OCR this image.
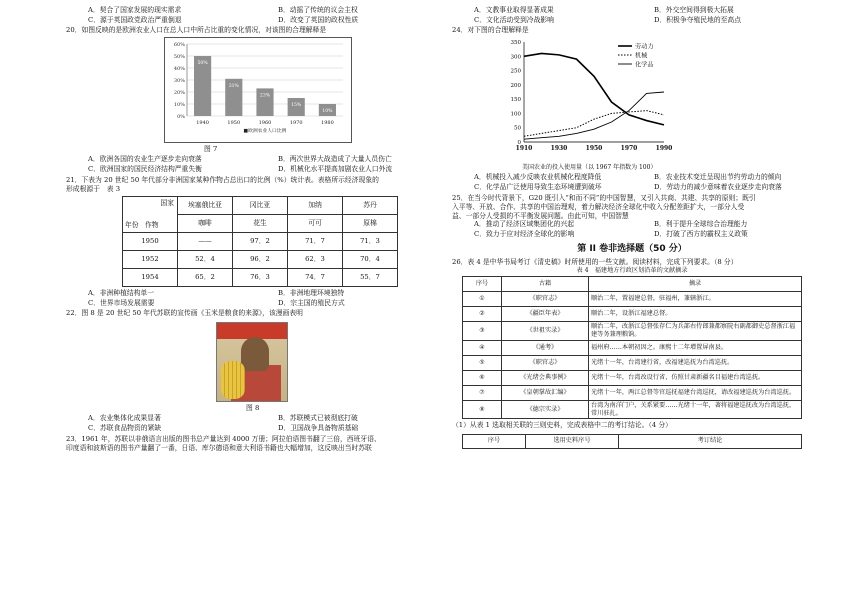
A．契合了国家发展的现实需求	B．动摇了传统的议会主权
C．源于英国政党政治严重倒退	D．改变了英国的政权性质
20．如图反映的是欧洲农业人口在总人口中所占比重的变化情况，对该图的合理解释是
60%
50%
40%
30%
20%
10%
0%
50%
1940
31%
1950
23%
1960
15%
1970
10%
1980
■欧洲农业人口比例
图 7
A．欧洲各国的农业生产逐步走向衰落	B．两次世界大战造成了大量人员伤亡
C．欧洲国家的国民经济结构严重失衡	D．机械化水平提高加剧农业人口外流
21．下表为 20 世纪 50 年代部分非洲国家某种作物占总出口的比例（%）统计表。表格所示经济现象的
形成根源于　表 3
国家
年份 作物	埃塞俄比亚	冈比亚	加纳	苏丹
	咖啡	花生	可可	原棉
1950	——	97．2	71．7	71．3
1952	52．4	96．2	62．3	70．4
1954	65．2	76．3	74．7	55．7
A．非洲种植结构单一	B．非洲地理环境独特
C．世界市场发展需要	D．宗主国的殖民方式
22．图 8 是 20 世纪 50 年代苏联的宣传画《玉米是粮食的来源》，该漫画表明
图 8
A．农业集体化成果显著	B．苏联模式已被彻底打破
C．苏联食品物资的紧缺	D．卫国战争具备物质基础
23．1961 年，苏联以非俄语言出版的图书总产量达到 4000 万册；阿拉伯语图书翻了三倍，西班牙语、
印度语和波斯语的图书产量翻了一番，日语、库尔德语和意大利语书籍也大幅增加，这反映出当时苏联
A．文教事业取得显著成果	B．外交空间得到极大拓展
C．文化活动受到冷战影响	D．积极争夺殖民地的至高点
24．对下图的合理解释是
350
300
250
200
150
100
50
0
1910	1930	1950	1970	1990
劳动力
机械
化学品
美国农业的投入使用量（以 1967 年指数为 100）
A．机械投入减少反映农业机械化程度降低	B．农业技术变迁呈现出节约劳动力的倾向
C．化学品广泛使用导致生态环境遭到破坏	D．劳动力的减少意味着农业逐步走向衰落
25．在当今时代背景下，G20 既引入“和而不同”的中国智慧，又引入共商、共建、共享的原则；既引
入平等、开放、合作、共享的中国治理观，着力解决经济全球化中收入分配差距扩大，一部分人受
益、一部分人受损的不平衡发展问题。由此可知，中国智慧
A．推动了经济区域集团化的兴起	B．利于提升全球综合治理能力
C．致力于应对经济全球化的影响	D．打破了西方的霸权主义政策
第 II 卷非选择题（50 分）
26．表 4 是中华书局考订《清史稿》时所使用的一些文献。阅读材料，完成下列要求。（8 分）
表 4　福建地方行政区划沿革的文献摘录
序号	古籍	摘录
①	《职官志》	顺治二年，置福建总督，驻福州，兼辖浙江。
②	《疆臣年表》	顺治二年，设浙江福建总督。
③	《世祖实录》	顺治二年，改浙江总督张存仁为兵部右侍郎兼都察院右副都御史总督浙江福建等务兼理粮饷。
④	《通考》	福州府……本朝初因之。康熙十二年增置屏南县。
⑤	《职官志》	光绪十一年，台湾建行省，改福建巡抚为台湾巡抚。
⑥	《光绪会典事例》	光绪十一年，台湾改设行省，仿照甘肃新疆名目福建台湾巡抚。
⑦	《皇朝掌故汇编》	光绪十一年，两江总督等官巡抚福建台湾巡抚，请改福建巡抚为台湾巡抚。
⑧	《德宗实录》	台湾为南洋门户，关系紧要……光绪十一年，著将福建巡抚改为台湾巡抚，常川驻扎。
（1）从表 1 选取相关联的三则史料，完成表格中二的考订结论。（4 分）
序号	选用史料序号	考订结论
